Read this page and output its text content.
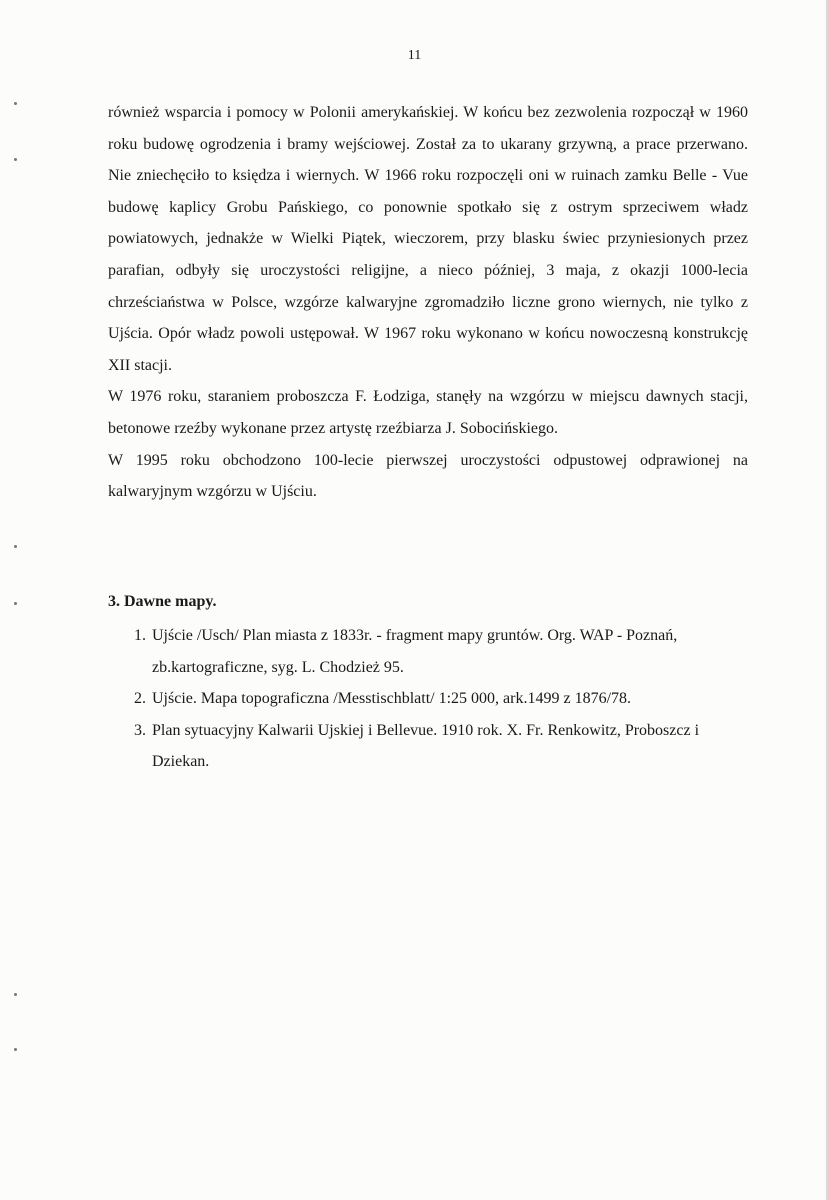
11

również wsparcia i pomocy w Polonii amerykańskiej. W końcu bez zezwolenia rozpoczął w 1960 roku budowę ogrodzenia i bramy wejściowej. Został za to ukarany grzywną, a prace przerwano. Nie zniechęciło to księdza i wiernych. W 1966 roku rozpoczęli oni w ruinach zamku Belle - Vue budowę kaplicy Grobu Pańskiego, co ponownie spotkało się z ostrym sprzeciwem władz powiatowych, jednakże w Wielki Piątek, wieczorem, przy blasku świec przyniesionych przez parafian, odbyły się uroczystości religijne, a nieco później, 3 maja, z okazji 1000-lecia chrześciaństwa w Polsce, wzgórze kalwaryjne zgromadziło liczne grono wiernych, nie tylko z Ujścia. Opór władz powoli ustępował. W 1967 roku wykonano w końcu nowoczesną konstrukcję XII stacji.

W 1976 roku, staraniem proboszcza F. Łodziga, stanęły na wzgórzu w miejscu dawnych stacji, betonowe rzeźby wykonane przez artystę rzeźbiarza J. Sobocińskiego.

W 1995 roku obchodzono 100-lecie pierwszej uroczystości odpustowej odprawionej na kalwaryjnym wzgórzu w Ujściu.

3. Dawne mapy.
1. Ujście /Usch/ Plan miasta z 1833r. - fragment mapy gruntów. Org. WAP - Poznań, zb.kartograficzne, syg. L. Chodzież 95.
2. Ujście. Mapa topograficzna /Messtischblatt/ 1:25 000, ark.1499 z 1876/78.
3. Plan sytuacyjny Kalwarii Ujskiej i Bellevue. 1910 rok. X. Fr. Renkowitz, Proboszcz i Dziekan.
